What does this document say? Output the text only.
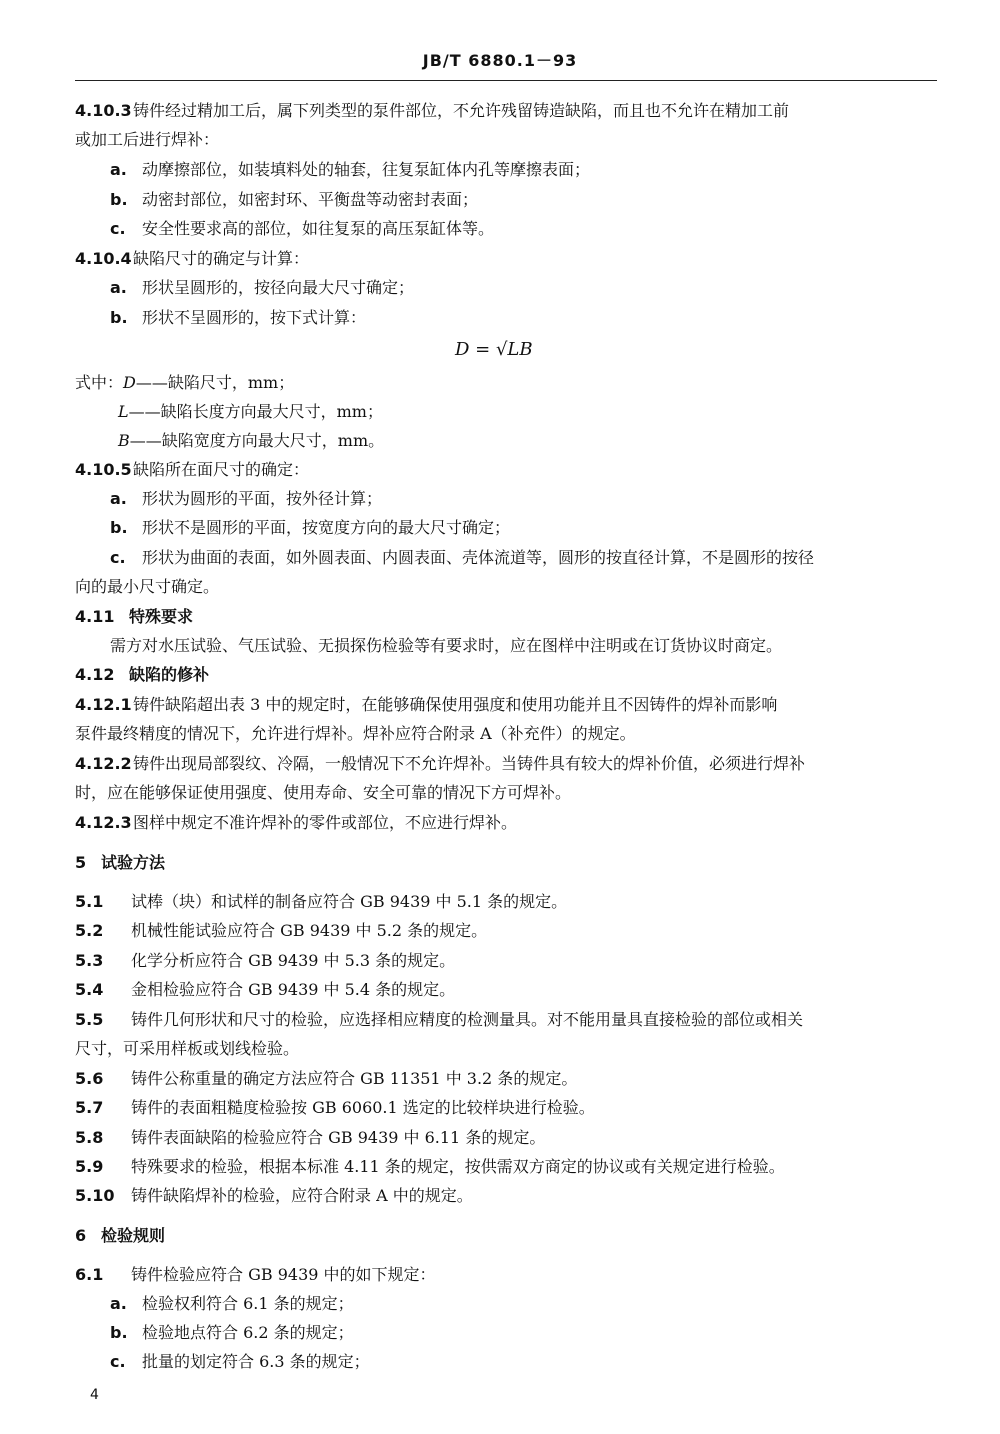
JB/T 6880.1－93
4.10.3铸件经过精加工后，属下列类型的泵件部位，不允许残留铸造缺陷，而且也不允许在精加工前
或加工后进行焊补：
a. 动摩擦部位，如装填料处的轴套，往复泵缸体内孔等摩擦表面；
b. 动密封部位，如密封环、平衡盘等动密封表面；
c. 安全性要求高的部位，如往复泵的高压泵缸体等。
4.10.4缺陷尺寸的确定与计算：
a. 形状呈圆形的，按径向最大尺寸确定；
b. 形状不呈圆形的，按下式计算：
D = √LB
式中：D——缺陷尺寸，mm；
L——缺陷长度方向最大尺寸，mm；
B——缺陷宽度方向最大尺寸，mm。
4.10.5缺陷所在面尺寸的确定：
a. 形状为圆形的平面，按外径计算；
b. 形状不是圆形的平面，按宽度方向的最大尺寸确定；
c. 形状为曲面的表面，如外圆表面、内圆表面、壳体流道等，圆形的按直径计算，不是圆形的按径
向的最小尺寸确定。
4.11 特殊要求
需方对水压试验、气压试验、无损探伤检验等有要求时，应在图样中注明或在订货协议时商定。
4.12 缺陷的修补
4.12.1铸件缺陷超出表 3 中的规定时，在能够确保使用强度和使用功能并且不因铸件的焊补而影响
泵件最终精度的情况下，允许进行焊补。焊补应符合附录 A（补充件）的规定。
4.12.2铸件出现局部裂纹、冷隔，一般情况下不允许焊补。当铸件具有较大的焊补价值，必须进行焊补
时，应在能够保证使用强度、使用寿命、安全可靠的情况下方可焊补。
4.12.3图样中规定不准许焊补的零件或部位，不应进行焊补。
5 试验方法
5.1 试棒（块）和试样的制备应符合 GB 9439 中 5.1 条的规定。
5.2 机械性能试验应符合 GB 9439 中 5.2 条的规定。
5.3 化学分析应符合 GB 9439 中 5.3 条的规定。
5.4 金相检验应符合 GB 9439 中 5.4 条的规定。
5.5 铸件几何形状和尺寸的检验，应选择相应精度的检测量具。对不能用量具直接检验的部位或相关
尺寸，可采用样板或划线检验。
5.6 铸件公称重量的确定方法应符合 GB 11351 中 3.2 条的规定。
5.7 铸件的表面粗糙度检验按 GB 6060.1 选定的比较样块进行检验。
5.8 铸件表面缺陷的检验应符合 GB 9439 中 6.11 条的规定。
5.9 特殊要求的检验，根据本标准 4.11 条的规定，按供需双方商定的协议或有关规定进行检验。
5.10 铸件缺陷焊补的检验，应符合附录 A 中的规定。
6 检验规则
6.1 铸件检验应符合 GB 9439 中的如下规定：
a. 检验权利符合 6.1 条的规定；
b. 检验地点符合 6.2 条的规定；
c. 批量的划定符合 6.3 条的规定；
4
